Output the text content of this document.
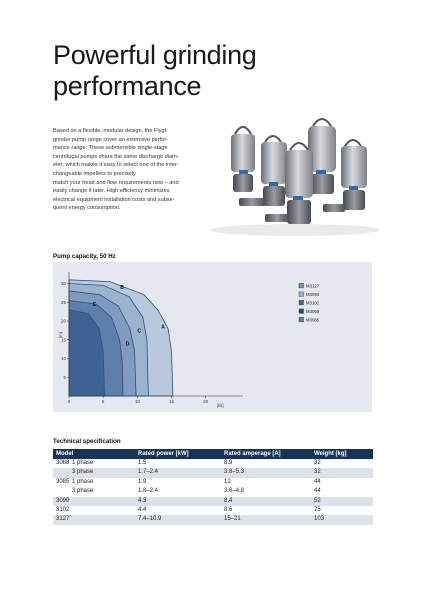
Powerful grinding
performance
Based on a flexible, modular design, the Flygt
grinder pump range cover an extensive perfor-
mance range. These submersible single-stage
centrifugal pumps share the same discharge diam-
eter, which makes it easy to select one of the inter-
changeable impellers to precisely
match your head and flow requirements now – and
easily change it later. High efficiency minimizes
electrical equipment installation costs and subse-
quent energy consumption.
Pump capacity, 50 Hz
0	5	10	15	20
5
10
15
20
25
30
[l/s]
[m]
A
B
C
D
E
M3127
M3090
M3102
M3068
M3085
Technical specification
Model	Rated power [kW]	Rated amperage [A]	Weight [kg]
3068 1 phase	1.5	8.9	32
3 phase	1.7–2.4	3.8–5.3	32
3085 1 phase	1.9	12	44
3 phase	1.8–2.4	3.6–4.8	44
3090	4.3	8.4	52
3102	4.4	8.6	75
3127	7.4–10.9	15–21	103
